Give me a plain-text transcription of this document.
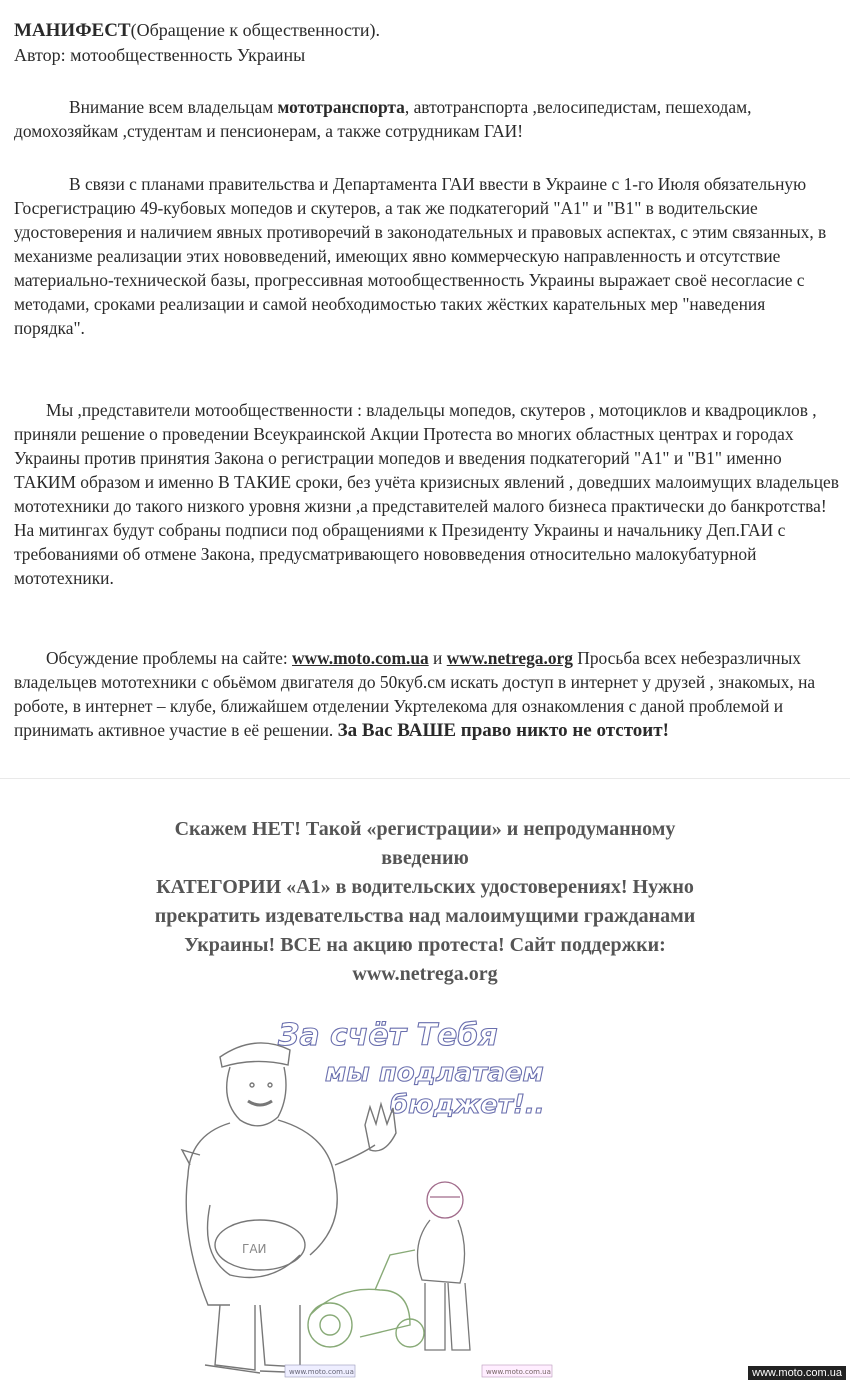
МАНИФЕСТ(Обращение к общественности).
Автор: мотообщественность Украины

Внимание всем владельцам мототранспорта, автотранспорта ,велосипедистам, пешеходам, домохозяйкам ,студентам и пенсионерам, а также сотрудникам ГАИ!

В связи с планами правительства и Департамента ГАИ ввести в Украине с 1-го Июля обязательную Госрегистрацию 49-кубовых мопедов и скутеров, а так же подкатегорий "А1" и "В1" в водительские удостоверения и наличием явных противоречий в законодательных и правовых аспектах, с этим связанных, в механизме реализации этих нововведений, имеющих явно коммерческую направленность и отсутствие материально-технической базы, прогрессивная мотообщественность Украины выражает своё несогласие с методами, сроками реализации и самой необходимостью таких жёстких карательных мер "наведения порядка".

Мы ,представители мотообщественности : владельцы мопедов, скутеров , мотоциклов и квадроциклов , приняли решение о проведении Всеукраинской Акции Протеста во многих областных центрах и городах Украины против принятия Закона о регистрации мопедов и введения подкатегорий "А1" и "В1" именно ТАКИМ образом и именно В ТАКИЕ сроки, без учёта кризисных явлений , доведших малоимущих владельцев мототехники до такого низкого уровня жизни ,а представителей малого бизнеса практически до банкротства! На митингах будут собраны подписи под обращениями к Президенту Украины и начальнику Деп.ГАИ с требованиями об отмене Закона, предусматривающего нововведения относительно малокубатурной мототехники.

Обсуждение проблемы на сайте: www.moto.com.ua и www.netrega.org Просьба всех небезразличных владельцев мототехники с обьёмом двигателя до 50куб.см искать доступ в интернет у друзей , знакомых, на роботе, в интернет – клубе, ближайшем отделении Укртелекома для ознакомления с даной проблемой и принимать активное участие в её решении. За Вас ВАШЕ право никто не отстоит!

Скажем НЕТ! Такой «регистрации» и непродуманному
введению
КАТЕГОРИИ «А1» в водительских удостоверениях! Нужно
прекратить издевательства над малоимущими гражданами
Украины! ВСЕ на акцию протеста! Сайт поддержки:
www.netrega.org
За счёт Тебя
мы подлатаем
бюджет!..
ГАИ
www.moto.com.ua	www.moto.com.ua	www.moto.com.ua
